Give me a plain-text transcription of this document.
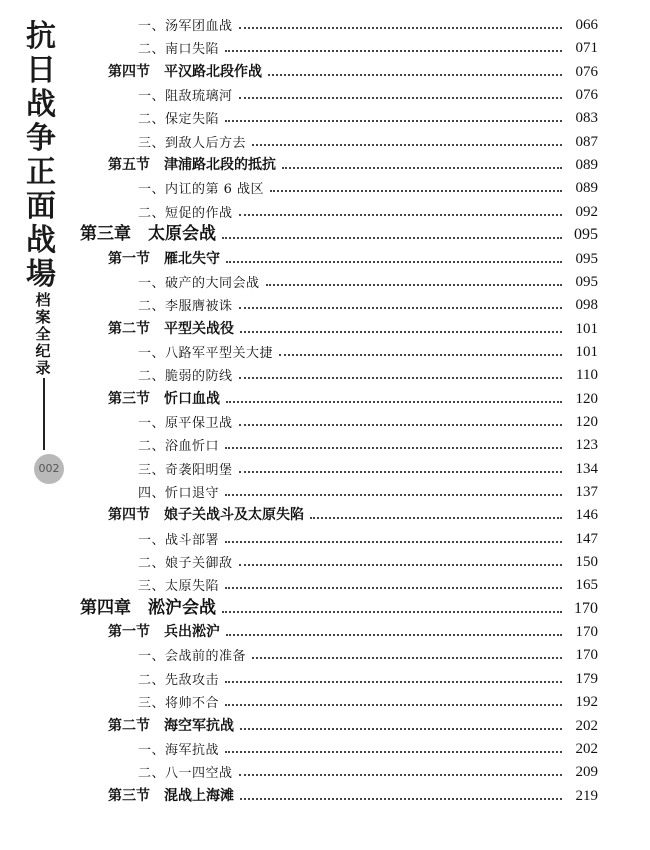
抗
日
战
争
正
面
战
場
档
案
全
纪
录
002
一、汤军团血战	066
二、南口失陷	071
第四节　平汉路北段作战	076
一、阻敌琉璃河	076
二、保定失陷	083
三、到敌人后方去	087
第五节　津浦路北段的抵抗	089
一、内讧的第 6 战区	089
二、短促的作战	092
第三章　太原会战	095
第一节　雁北失守	095
一、破产的大同会战	095
二、李服膺被诛	098
第二节　平型关战役	101
一、八路军平型关大捷	101
二、脆弱的防线	110
第三节　忻口血战	120
一、原平保卫战	120
二、浴血忻口	123
三、奇袭阳明堡	134
四、忻口退守	137
第四节　娘子关战斗及太原失陷	146
一、战斗部署	147
二、娘子关御敌	150
三、太原失陷	165
第四章　淞沪会战	170
第一节　兵出淞沪	170
一、会战前的准备	170
二、先敌攻击	179
三、将帅不合	192
第二节　海空军抗战	202
一、海军抗战	202
二、八一四空战	209
第三节　混战上海滩	219
